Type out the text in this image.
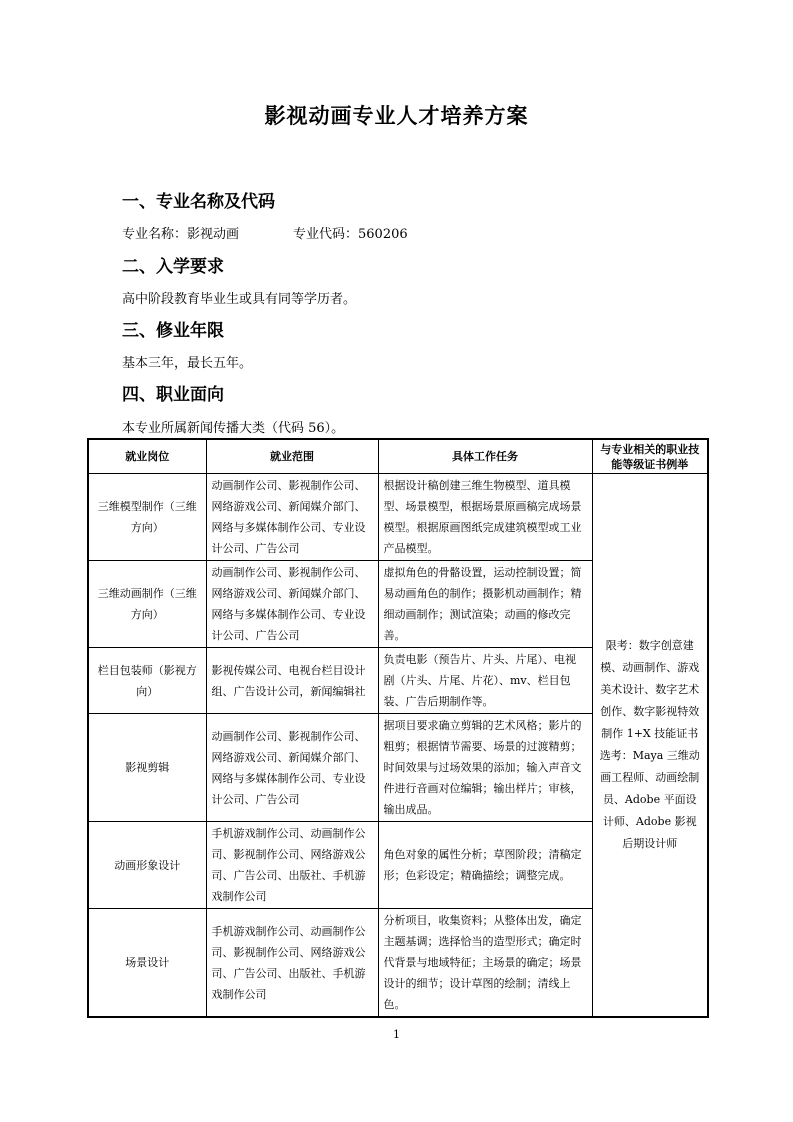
影视动画专业人才培养方案
一、专业名称及代码
专业名称：影视动画	专业代码：560206
二、入学要求
高中阶段教育毕业生或具有同等学历者。
三、修业年限
基本三年，最长五年。
四、职业面向
本专业所属新闻传播大类（代码 56）。
就业岗位	就业范围	具体工作任务	与专业相关的职业技能等级证书例举
三维模型制作（三维方向）	动画制作公司、影视制作公司、网络游戏公司、新闻媒介部门、网络与多媒体制作公司、专业设计公司、广告公司	根据设计稿创建三维生物模型、道具模型、场景模型，根据场景原画稿完成场景模型。根据原画图纸完成建筑模型或工业产品模型。	限考：数字创意建模、动画制作、游戏美术设计、数字艺术创作、数字影视特效制作 1+X 技能证书选考：Maya 三维动画工程师、动画绘制员、Adobe 平面设计师、Adobe 影视后期设计师
三维动画制作（三维方向）	动画制作公司、影视制作公司、网络游戏公司、新闻媒介部门、网络与多媒体制作公司、专业设计公司、广告公司	虚拟角色的骨骼设置，运动控制设置；简易动画角色的制作；摄影机动画制作；精细动画制作；测试渲染；动画的修改完善。	
栏目包装师（影视方向）	影视传媒公司、电视台栏目设计组、广告设计公司，新闻编辑社	负责电影（预告片、片头、片尾）、电视剧（片头、片尾、片花）、mv、栏目包装、广告后期制作等。	
影视剪辑	动画制作公司、影视制作公司、网络游戏公司、新闻媒介部门、网络与多媒体制作公司、专业设计公司、广告公司	据项目要求确立剪辑的艺术风格；影片的粗剪；根据情节需要、场景的过渡精剪；时间效果与过场效果的添加；输入声音文件进行音画对位编辑；输出样片；审核，输出成品。	
动画形象设计	手机游戏制作公司、动画制作公司、影视制作公司、网络游戏公司、广告公司、出版社、手机游戏制作公司	角色对象的属性分析；草图阶段；清稿定形；色彩设定；精确描绘；调整完成。	
场景设计	手机游戏制作公司、动画制作公司、影视制作公司、网络游戏公司、广告公司、出版社、手机游戏制作公司	分析项目，收集资料；从整体出发，确定主题基调；选择恰当的造型形式；确定时代背景与地域特征；主场景的确定；场景设计的细节；设计草图的绘制；清线上色。	
1
